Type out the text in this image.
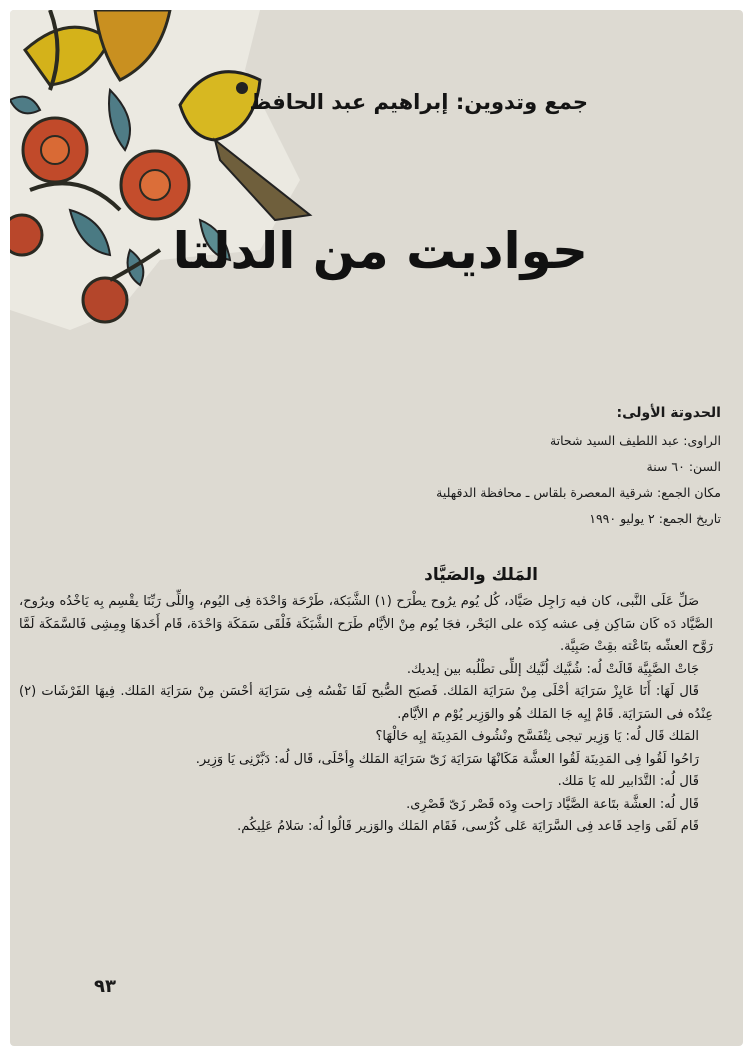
جمع وتدوين: إبراهيم عبد الحافظ
حواديت من الدلتا
الحدوتة الأولى:
الراوى: عبد اللطيف السيد شحاتة
السن: ٦٠ سنة
مكان الجمع: شرقية المعصرة بلقاس ـ محافظة الدقهلية
تاريخ الجمع: ٢ يوليو ١٩٩٠
المَلك والصَيَّاد

صَلِّ عَلَى النَّبى، كان فيه رَاجِل صَيَّاد، كُل يُوم يرُوح يطْرَح (١) الشَّبَكة، طَرْحَة وَاحْدَة فِى اليُوم، وِاللِّى رَبِّنَا يقْسِم بِه يَاخْدُه ويرُوح، الصَّيَّاد دَه كَان سَاكِن فِى عشه كِدَه على البَحْر، فجَا يُوم مِنْ الأيَّام طَرَح الشَّبَكَة فَلْقَى سَمَكَة وَاحْدَة، قَام أَخَدهَا وِمِشِى فَالسَّمَكَة لَمَّا رَوَّح العشّه بتَاعْته بقِتْ صَبِيَّة.

جَاتْ الصَّبِيَّة قَالَتْ لُه: شُبَّيك لُبَّيك إللِّى تطْلُبه بين إيديك.

قَال لَهَا: أَنَا عَايِزْ سَرَايَة أحْلَى مِنْ سَرَايَة المَلك. فَصبَح الصُّبح لَقَا نَفْسُه فِى سَرَايَة أحْسَن مِنْ سَرَايَة المَلك. فِيهَا الفَرْشَات (٢) عِنْدُه فى السَرَايَة. قَامْ إيِه جَا المَلك هُو والوَزِير يُوْم م الأيَّام.

المَلك قَال لُه: يَا وَزِير تيجى نِتْفَسَّح ونْشُوف المَدِينَة إيِه حَالْهَا؟

رَاحُوا لَقُوا فِى المَدِينَة لَقُوا العشَّة مَكَانْهَا سَرَايَة زَىّ سَرَايَة المَلك وِأحْلَى، قَال لُه: دَبَّرْنِى يَا وَزِير.

قَال لُه: التَّدَابير لله يَا مَلك.

قَال لُه: العشَّة بتَاعة الصَّيَّاد رَاحت وِدَه قَصْر زَىّ قَصْرِى.

قَام لَقَى وَاحِد قَاعد فِى السَّرَايَة عَلى كُرْسى، فَقَام المَلك والوَزير قَالُوا لُه: سَلامُ عَلِيكُم.

٩٣
